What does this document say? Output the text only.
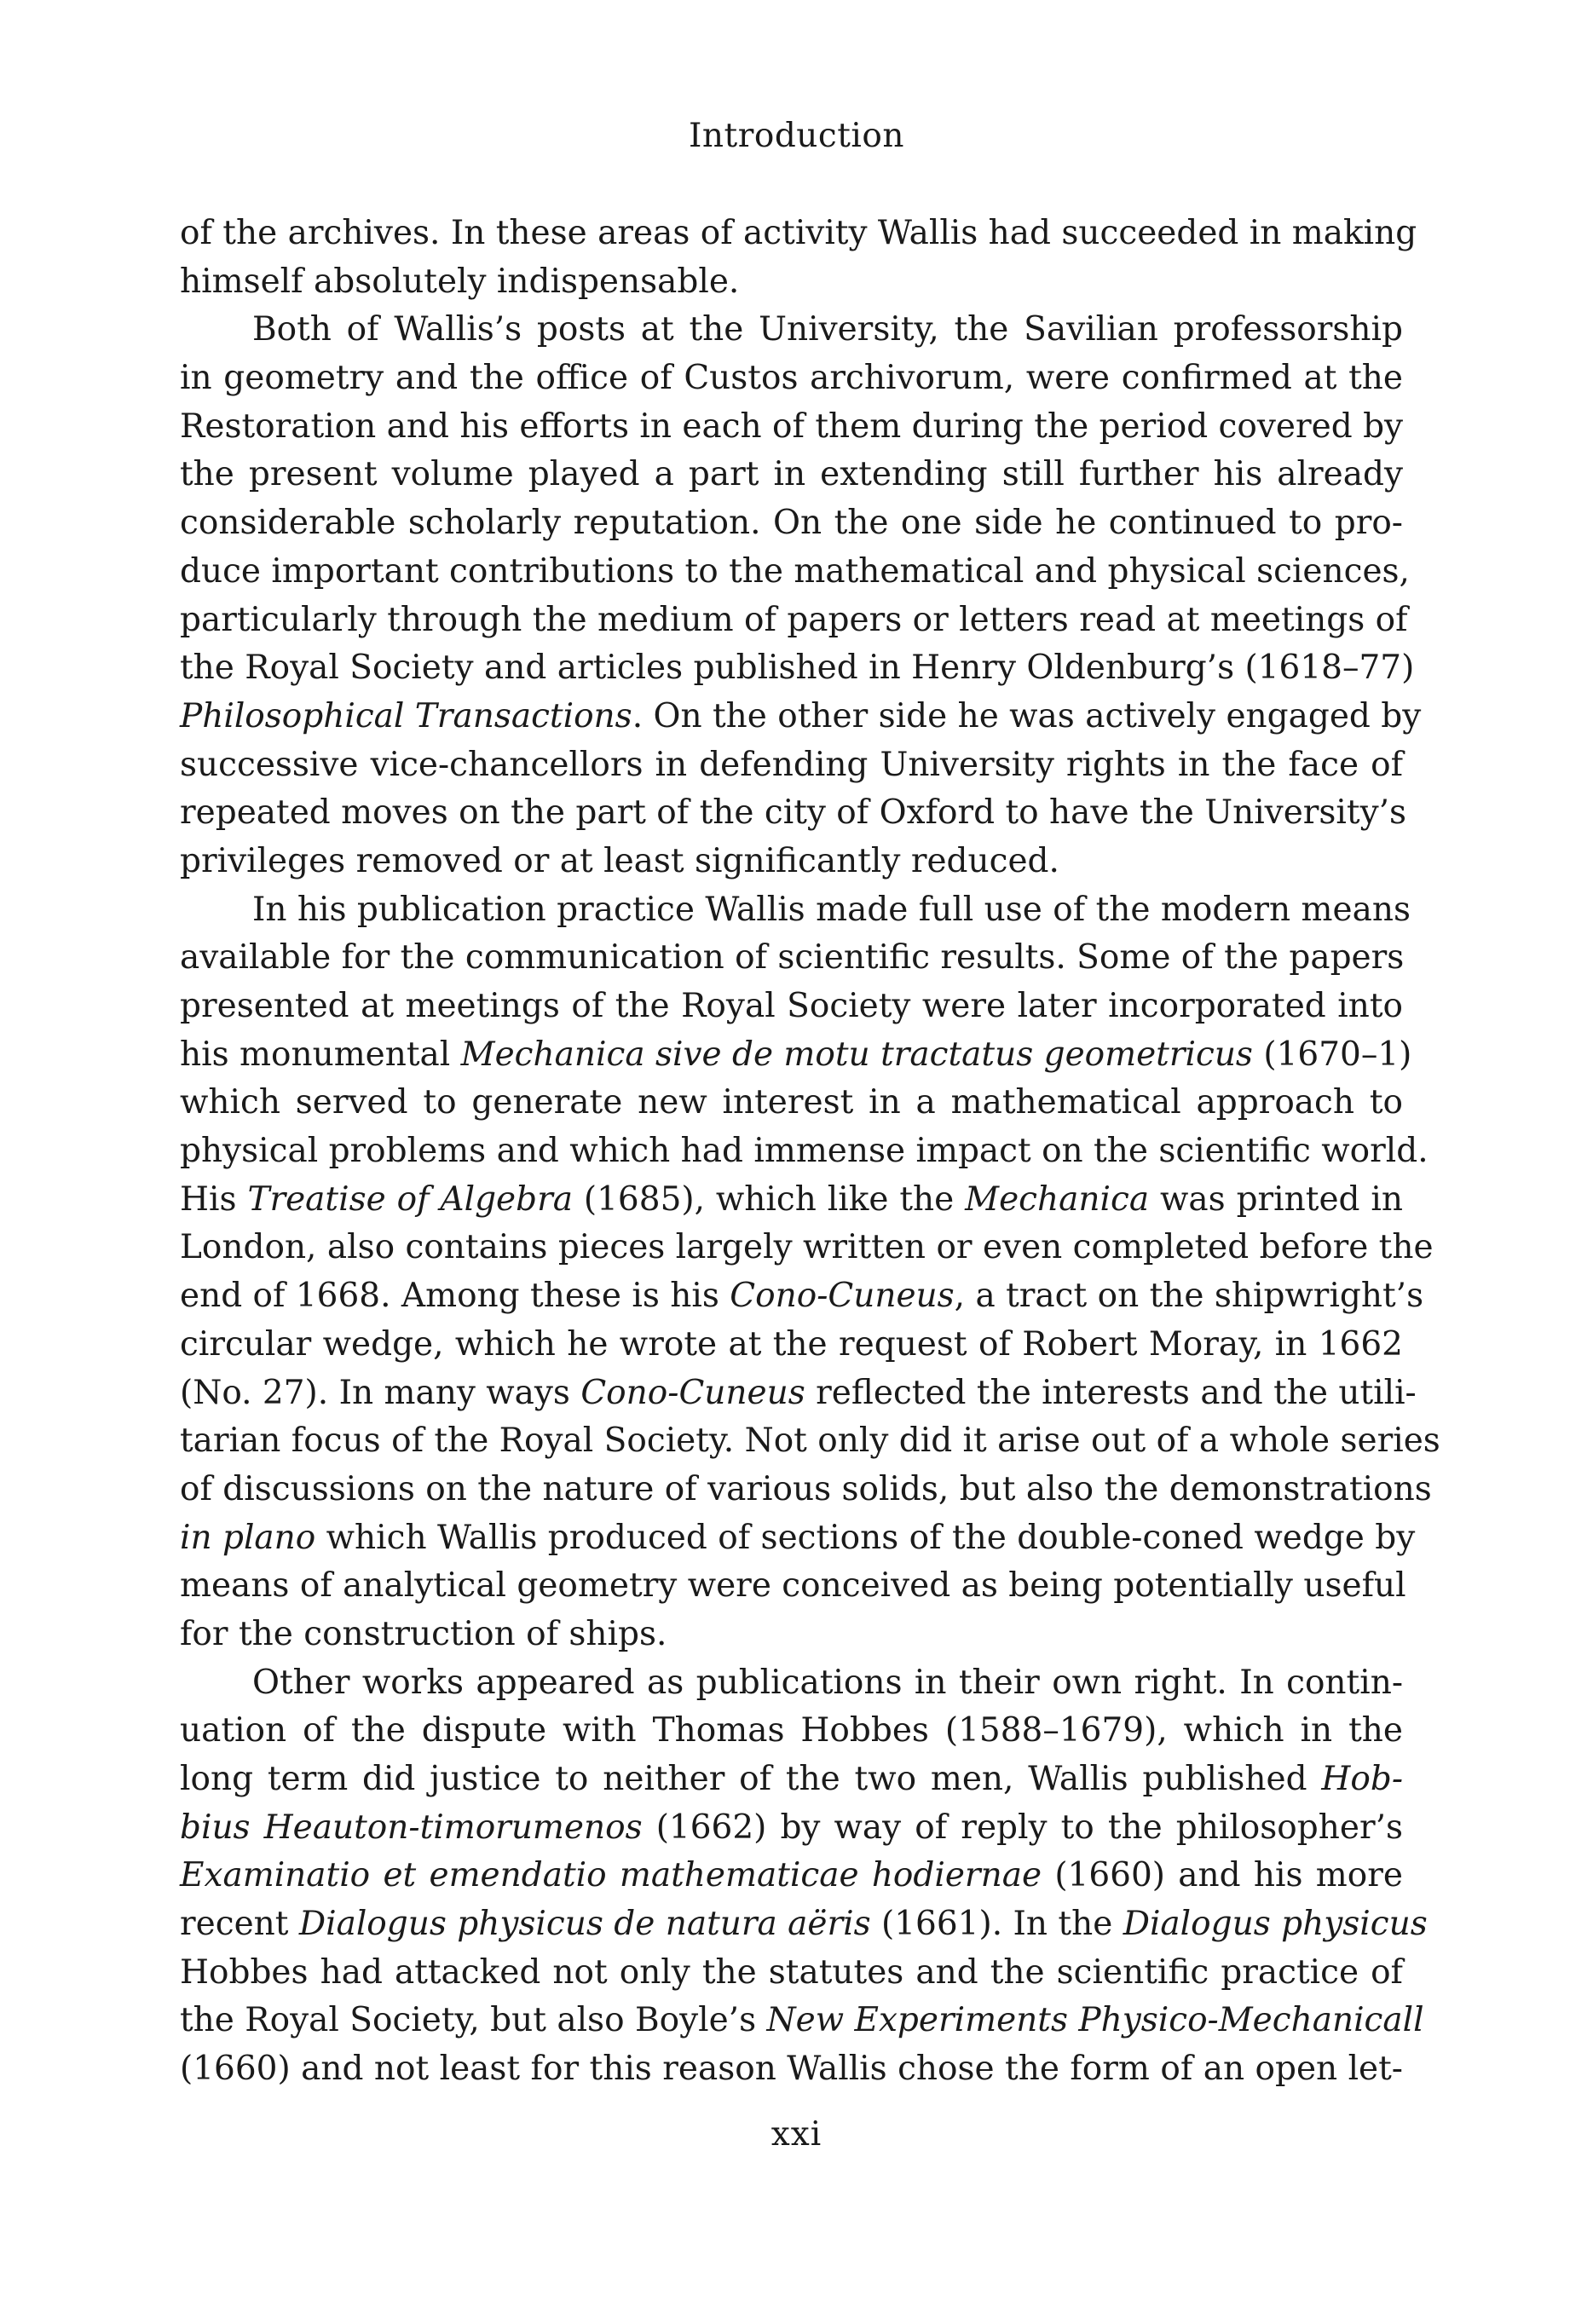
Introduction
of the archives. In these areas of activity Wallis had succeeded in making
himself absolutely indispensable.
Both of Wallis’s posts at the University, the Savilian professorship
in geometry and the office of Custos archivorum, were confirmed at the
Restoration and his efforts in each of them during the period covered by
the present volume played a part in extending still further his already
considerable scholarly reputation. On the one side he continued to pro-
duce important contributions to the mathematical and physical sciences,
particularly through the medium of papers or letters read at meetings of
the Royal Society and articles published in Henry Oldenburg’s (1618–77)
Philosophical Transactions. On the other side he was actively engaged by
successive vice-chancellors in defending University rights in the face of
repeated moves on the part of the city of Oxford to have the University’s
privileges removed or at least significantly reduced.
In his publication practice Wallis made full use of the modern means
available for the communication of scientific results. Some of the papers
presented at meetings of the Royal Society were later incorporated into
his monumental Mechanica sive de motu tractatus geometricus (1670–1)
which served to generate new interest in a mathematical approach to
physical problems and which had immense impact on the scientific world.
His Treatise of Algebra (1685), which like the Mechanica was printed in
London, also contains pieces largely written or even completed before the
end of 1668. Among these is his Cono-Cuneus, a tract on the shipwright’s
circular wedge, which he wrote at the request of Robert Moray, in 1662
(No. 27). In many ways Cono-Cuneus reflected the interests and the utili-
tarian focus of the Royal Society. Not only did it arise out of a whole series
of discussions on the nature of various solids, but also the demonstrations
in plano which Wallis produced of sections of the double-coned wedge by
means of analytical geometry were conceived as being potentially useful
for the construction of ships.
Other works appeared as publications in their own right. In contin-
uation of the dispute with Thomas Hobbes (1588–1679), which in the
long term did justice to neither of the two men, Wallis published Hob-
bius Heauton-timorumenos (1662) by way of reply to the philosopher’s
Examinatio et emendatio mathematicae hodiernae (1660) and his more
recent Dialogus physicus de natura aëris (1661). In the Dialogus physicus
Hobbes had attacked not only the statutes and the scientific practice of
the Royal Society, but also Boyle’s New Experiments Physico-Mechanicall
(1660) and not least for this reason Wallis chose the form of an open let-
xxi
